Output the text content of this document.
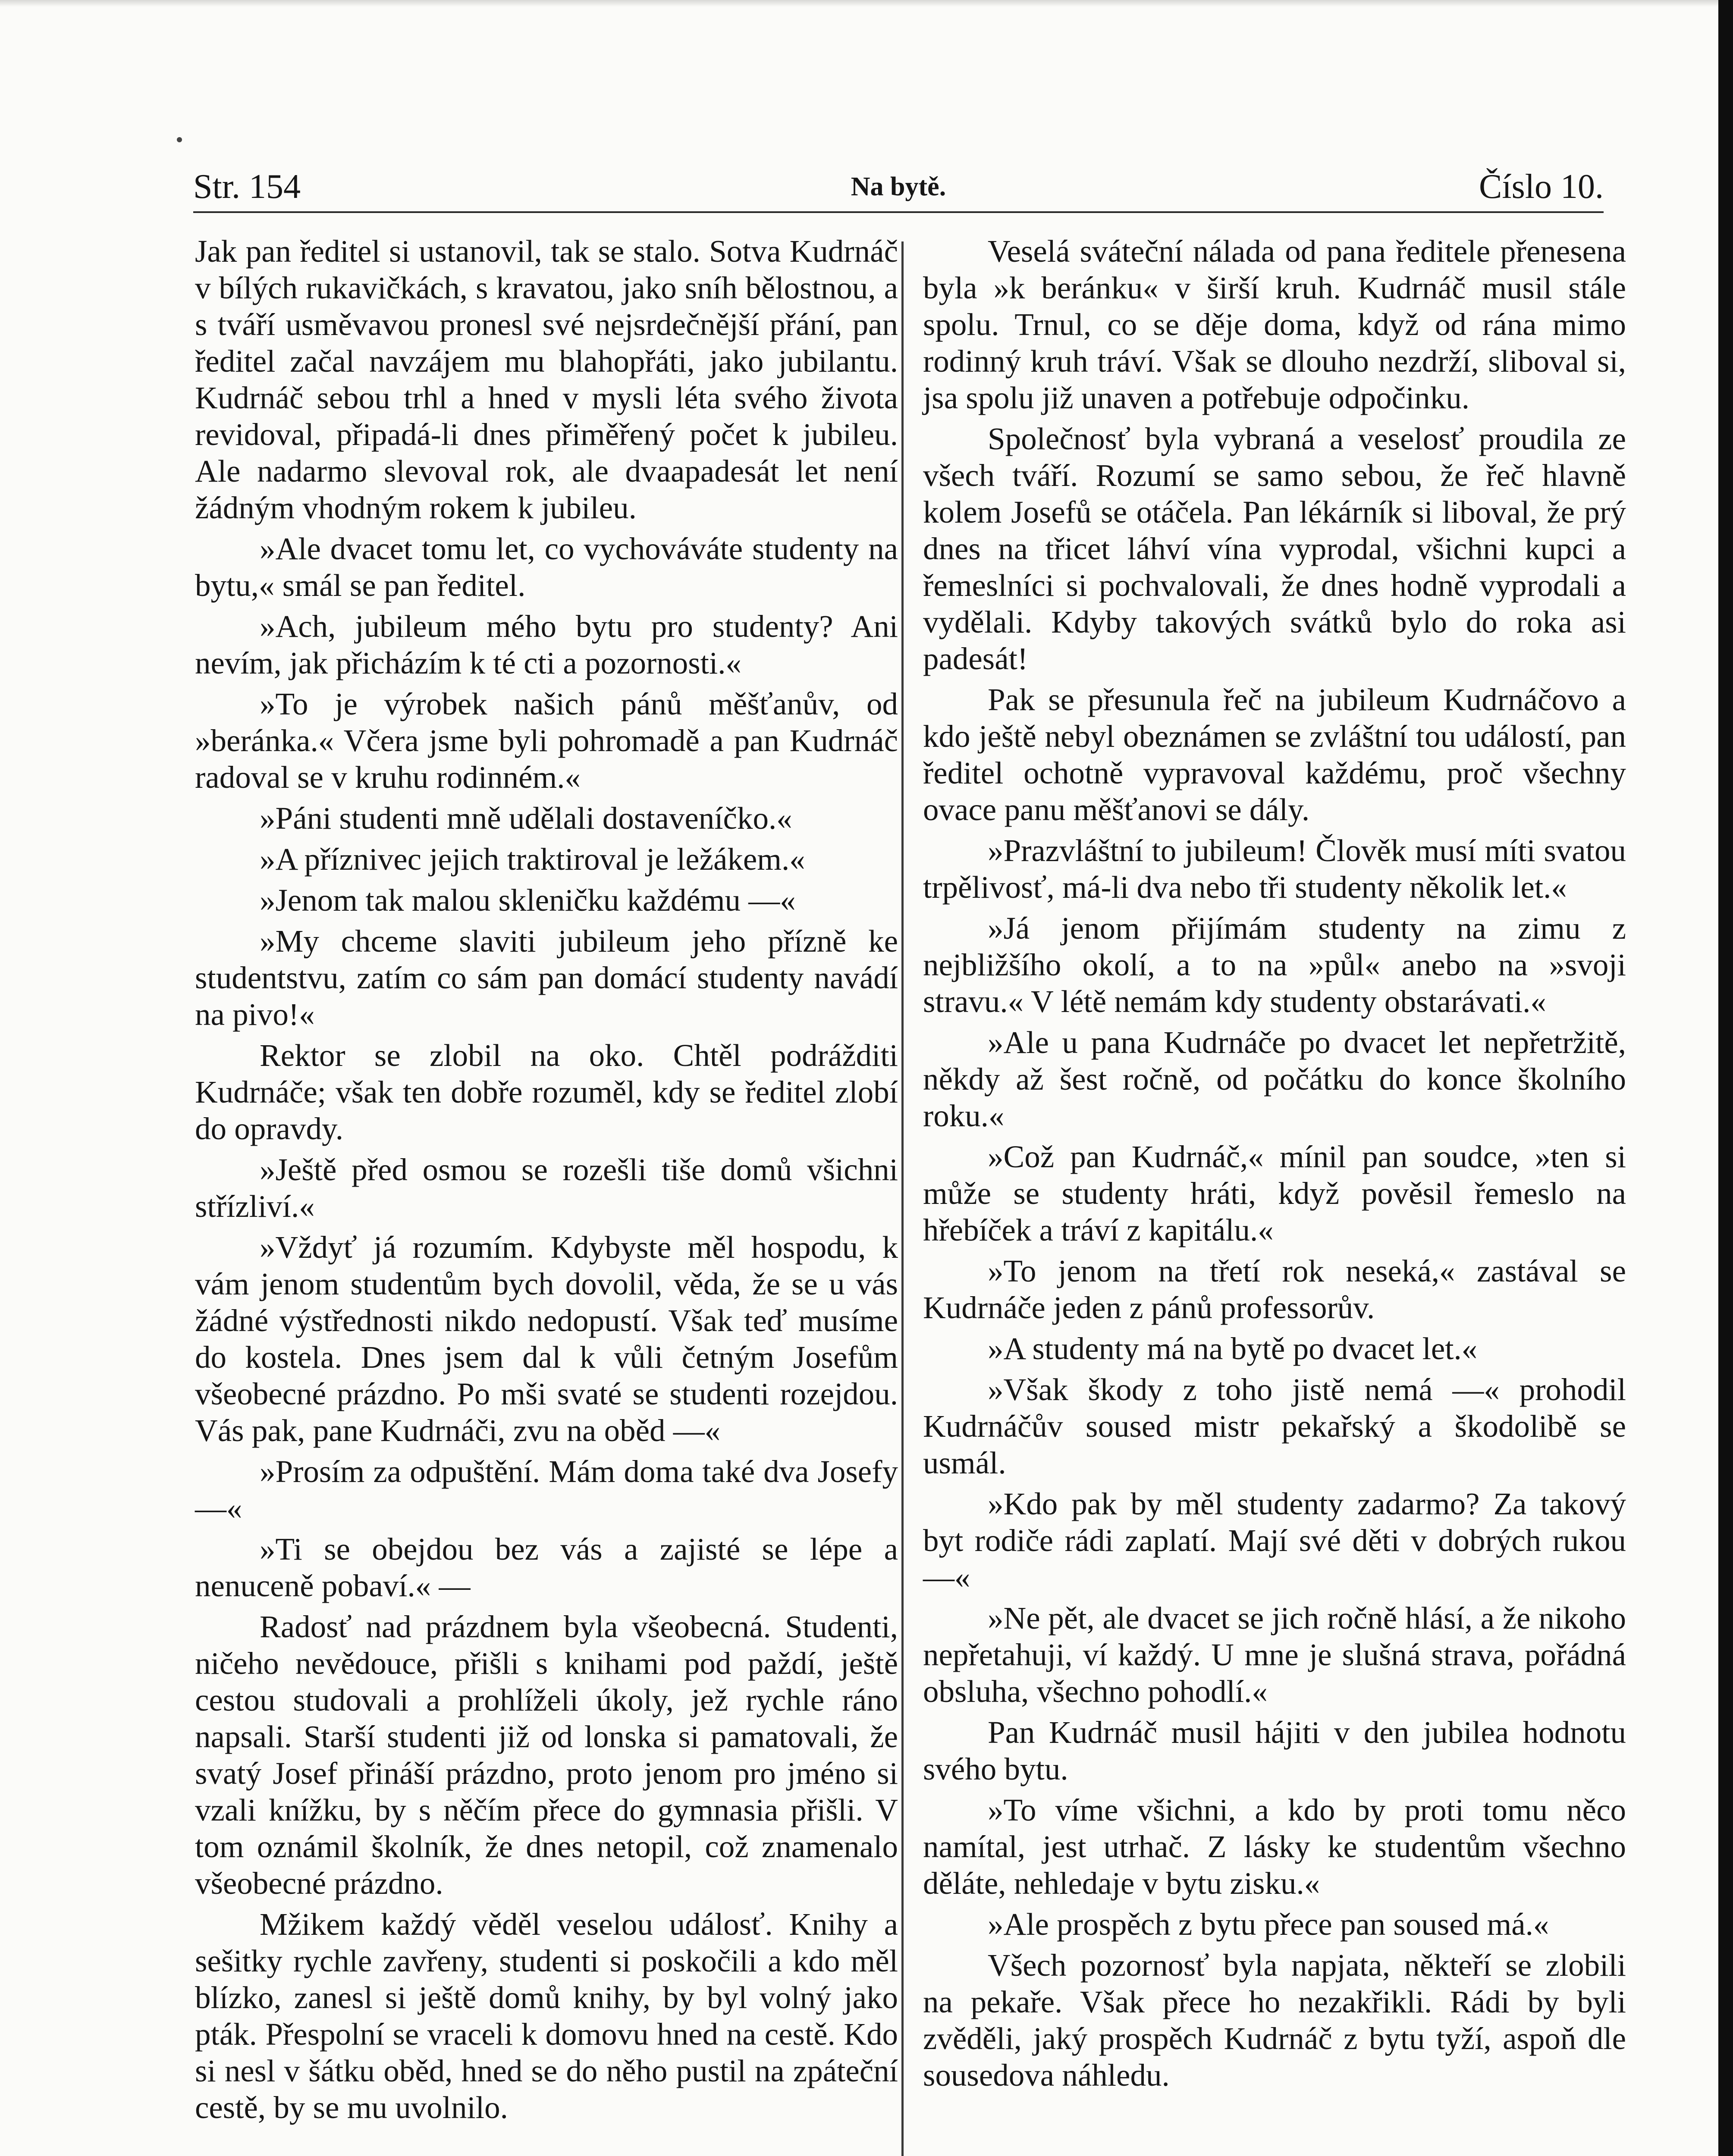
Str. 154	Na bytě.	Číslo 10.

Jak pan ředitel si ustanovil, tak se stalo. Sotva Kudrnáč v bílých rukavičkách, s kravatou, jako sníh bělostnou, a s tváří usměvavou pronesl své nejsrdečnější přání, pan ředitel začal navzájem mu blahopřáti, jako jubilantu. Kudrnáč sebou trhl a hned v mysli léta svého života revidoval, připadá-li dnes přiměřený počet k jubileu. Ale nadarmo slevoval rok, ale dvaapadesát let není žádným vhodným rokem k jubileu.

»Ale dvacet tomu let, co vychováváte studenty na bytu,« smál se pan ředitel.

»Ach, jubileum mého bytu pro studenty? Ani nevím, jak přicházím k té cti a pozornosti.«

»To je výrobek našich pánů měšťanův, od »beránka.« Včera jsme byli pohromadě a pan Kudrnáč radoval se v kruhu rodinném.«

»Páni studenti mně udělali dostaveníčko.«

»A příznivec jejich traktiroval je ležákem.«

»Jenom tak malou skleničku každému —«

»My chceme slaviti jubileum jeho přízně ke studentstvu, zatím co sám pan domácí studenty navádí na pivo!«

Rektor se zlobil na oko. Chtěl podrážditi Kudrnáče; však ten dobře rozuměl, kdy se ředitel zlobí do opravdy.

»Ještě před osmou se rozešli tiše domů všichni střízliví.«

»Vždyť já rozumím. Kdybyste měl hospodu, k vám jenom studentům bych dovolil, věda, že se u vás žádné výstřednosti nikdo nedopustí. Však teď musíme do kostela. Dnes jsem dal k vůli četným Josefům všeobecné prázdno. Po mši svaté se studenti rozejdou. Vás pak, pane Kudrnáči, zvu na oběd —«

»Prosím za odpuštění. Mám doma také dva Josefy —«

»Ti se obejdou bez vás a zajisté se lépe a nenuceně pobaví.« —

Radosť nad prázdnem byla všeobecná. Studenti, ničeho nevědouce, přišli s knihami pod paždí, ještě cestou studovali a prohlíželi úkoly, jež rychle ráno napsali. Starší studenti již od lonska si pamatovali, že svatý Josef přináší prázdno, proto jenom pro jméno si vzali knížku, by s něčím přece do gymnasia přišli. V tom oznámil školník, že dnes netopil, což znamenalo všeobecné prázdno.

Mžikem každý věděl veselou událosť. Knihy a sešitky rychle zavřeny, studenti si poskočili a kdo měl blízko, zanesl si ještě domů knihy, by byl volný jako pták. Přespolní se vraceli k domovu hned na cestě. Kdo si nesl v šátku oběd, hned se do něho pustil na zpáteční cestě, by se mu uvolnilo.

Veselá sváteční nálada od pana ředitele přenesena byla »k beránku« v širší kruh. Kudrnáč musil stále spolu. Trnul, co se děje doma, když od rána mimo rodinný kruh tráví. Však se dlouho nezdrží, sliboval si, jsa spolu již unaven a potřebuje odpočinku.

Společnosť byla vybraná a veselosť proudila ze všech tváří. Rozumí se samo sebou, že řeč hlavně kolem Josefů se otáčela. Pan lékárník si liboval, že prý dnes na třicet láhví vína vyprodal, všichni kupci a řemeslníci si pochvalovali, že dnes hodně vyprodali a vydělali. Kdyby takových svátků bylo do roka asi padesát!

Pak se přesunula řeč na jubileum Kudrnáčovo a kdo ještě nebyl obeznámen se zvláštní tou událostí, pan ředitel ochotně vypravoval každému, proč všechny ovace panu měšťanovi se dály.

»Prazvláštní to jubileum! Člověk musí míti svatou trpělivosť, má-li dva nebo tři studenty několik let.«

»Já jenom přijímám studenty na zimu z nejbližšího okolí, a to na »půl« anebo na »svoji stravu.« V létě nemám kdy studenty obstarávati.«

»Ale u pana Kudrnáče po dvacet let nepřetržitě, někdy až šest ročně, od počátku do konce školního roku.«

»Což pan Kudrnáč,« mínil pan soudce, »ten si může se studenty hráti, když pověsil řemeslo na hřebíček a tráví z kapitálu.«

»To jenom na třetí rok neseká,« zastával se Kudrnáče jeden z pánů professorův.

»A studenty má na bytě po dvacet let.«

»Však škody z toho jistě nemá —« prohodil Kudrnáčův soused mistr pekařský a škodolibě se usmál.

»Kdo pak by měl studenty zadarmo? Za takový byt rodiče rádi zaplatí. Mají své děti v dobrých rukou —«

»Ne pět, ale dvacet se jich ročně hlásí, a že nikoho nepřetahuji, ví každý. U mne je slušná strava, pořádná obsluha, všechno pohodlí.«

Pan Kudrnáč musil hájiti v den jubilea hodnotu svého bytu.

»To víme všichni, a kdo by proti tomu něco namítal, jest utrhač. Z lásky ke studentům všechno děláte, nehledaje v bytu zisku.«

»Ale prospěch z bytu přece pan soused má.«

Všech pozornosť byla napjata, někteří se zlobili na pekaře. Však přece ho nezakřikli. Rádi by byli zvěděli, jaký prospěch Kudrnáč z bytu tyží, aspoň dle sousedova náhledu.
